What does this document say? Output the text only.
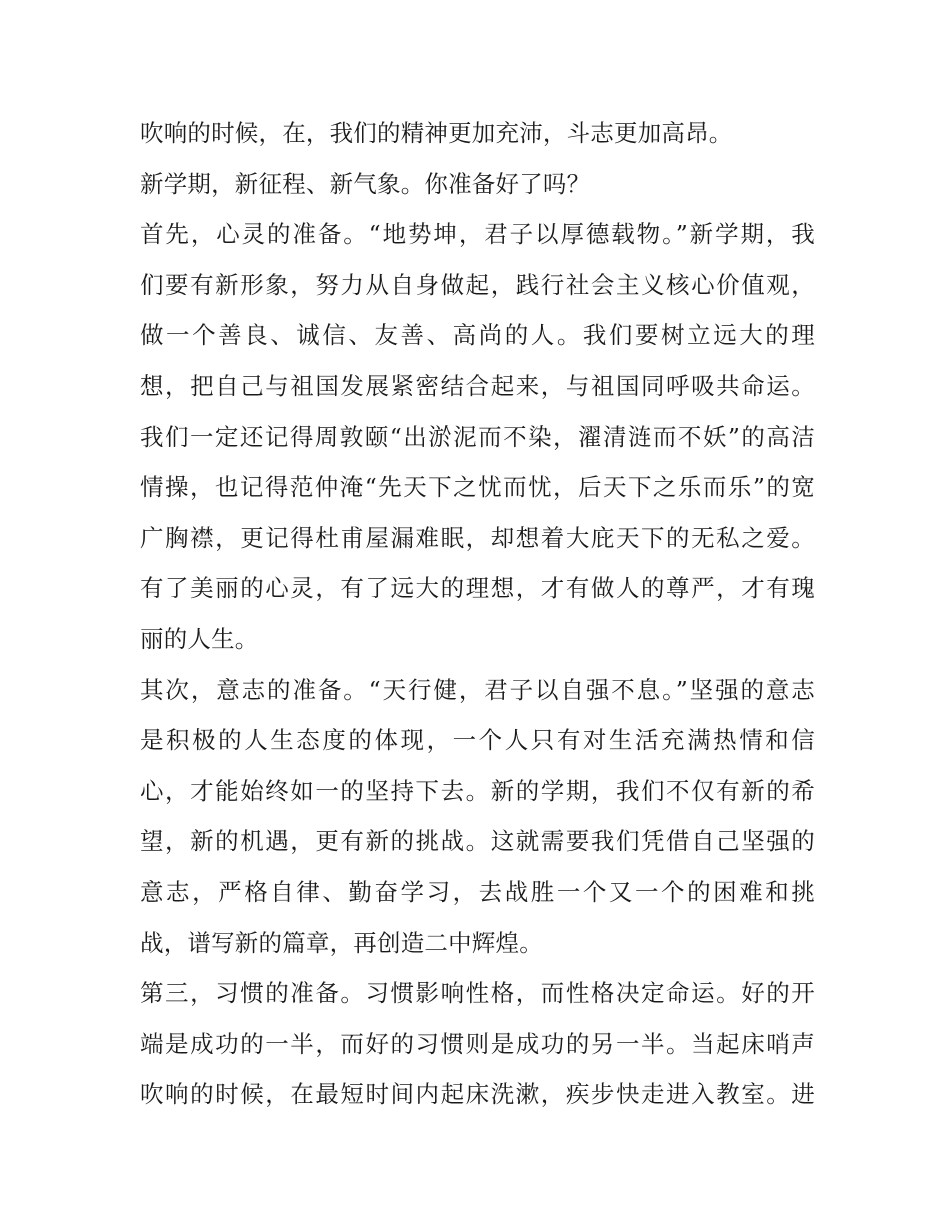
吹响的时候，在，我们的精神更加充沛，斗志更加高昂。
新学期，新征程、新气象。你准备好了吗？
首先，心灵的准备。“地势坤，君子以厚德载物。”新学期，我
们要有新形象，努力从自身做起，践行社会主义核心价值观，
做一个善良、诚信、友善、高尚的人。我们要树立远大的理
想，把自己与祖国发展紧密结合起来，与祖国同呼吸共命运。
我们一定还记得周敦颐“出淤泥而不染，濯清涟而不妖”的高洁
情操，也记得范仲淹“先天下之忧而忧，后天下之乐而乐”的宽
广胸襟，更记得杜甫屋漏难眠，却想着大庇天下的无私之爱。
有了美丽的心灵，有了远大的理想，才有做人的尊严，才有瑰
丽的人生。
其次，意志的准备。“天行健，君子以自强不息。”坚强的意志
是积极的人生态度的体现，一个人只有对生活充满热情和信
心，才能始终如一的坚持下去。新的学期，我们不仅有新的希
望，新的机遇，更有新的挑战。这就需要我们凭借自己坚强的
意志，严格自律、勤奋学习，去战胜一个又一个的困难和挑
战，谱写新的篇章，再创造二中辉煌。
第三，习惯的准备。习惯影响性格，而性格决定命运。好的开
端是成功的一半，而好的习惯则是成功的另一半。当起床哨声
吹响的时候，在最短时间内起床洗漱，疾步快走进入教室。进
